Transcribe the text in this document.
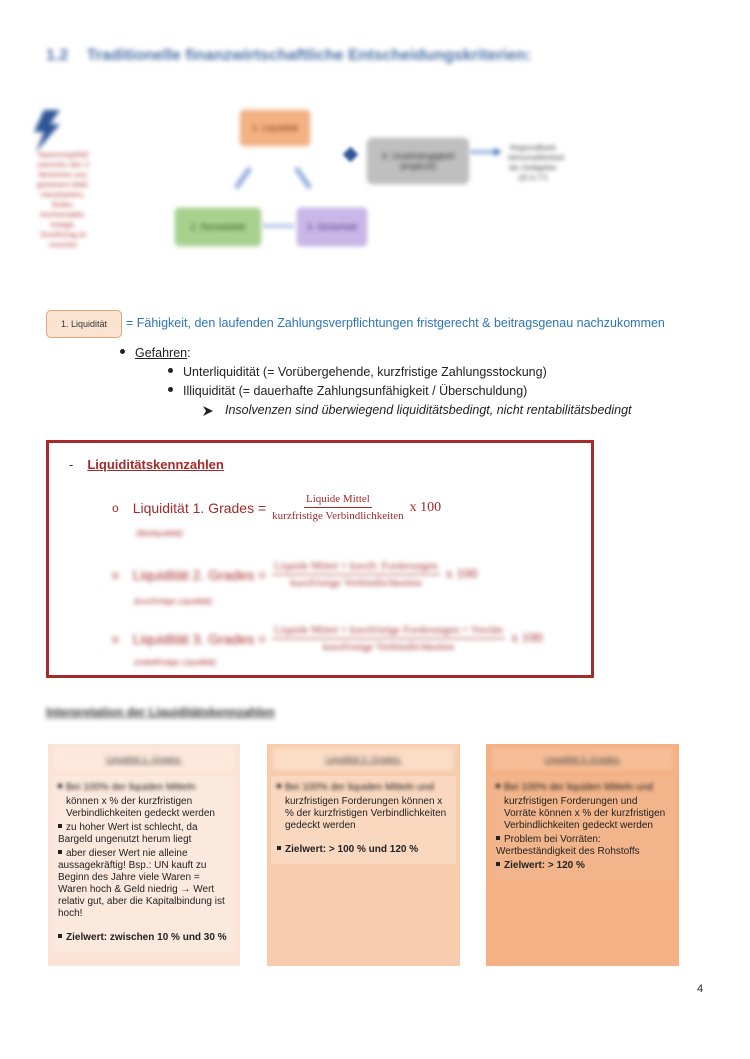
1.2 Traditionelle finanzwirtschaftliche Entscheidungskriterien:
Spannungsfeld zwischen den 3 Bereichen aus gewissem Maß: Hausbanken, Risiko, hochrentable, Anlage, Zins/Ertrag ist unsicher
1. Liquidität
2. Rentabilität	3. Sicherheit
4. Unabhängigkeit (ergänzt)
Regionalbank Wirtschaftlichkeit der Geldgeber (ID 6.77)
1. Liquidität	= Fähigkeit, den laufenden Zahlungsverpflichtungen fristgerecht & beitragsgenau nachzukommen
Gefahren:
Unterliquidität (= Vorübergehende, kurzfristige Zahlungsstockung)
Illiquidität (= dauerhafte Zahlungsunfähigkeit / Überschuldung)
Insolvenzen sind überwiegend liquiditätsbedingt, nicht rentabilitätsbedingt
- Liquiditätskennzahlen
o Liquidität 1. Grades = $\frac{\text{Liquide Mittel}}{\text{kurzfristige Verbindlichkeiten}}$ x 100
(Barliquidität)
o Liquidität 2. Grades = $\frac{\text{Liquide Mittel + kurzfr. Forderungen}}{\text{kurzfristige Verbindlichkeiten}}$ x 100
(kurzfristige Liquidität)
o Liquidität 3. Grades = $\frac{\text{Liquide Mittel + kurzfristige Forderungen + Vorräte}}{\text{kurzfristige Verbindlichkeiten}}$ x 100
(mittelfristige Liquidität)
Interpretation der Liquiditätskennzahlen
Liquidität 1. Grades:

Bei 100% der liquiden Mitteln

können x % der kurzfristigen Verbindlichkeiten gedeckt werden

zu hoher Wert ist schlecht, da Bargeld ungenutzt herum liegt

aber dieser Wert nie alleine aussagekräftig! Bsp.: UN kauft zu Beginn des Jahre viele Waren = Waren hoch & Geld niedrig → Wert relativ gut, aber die Kapitalbindung ist hoch!

Zielwert: zwischen 10 % und 30 %

Liquidität 2. Grades:

Bei 100% der liquiden Mitteln und

kurzfristigen Forderungen können x % der kurzfristigen Verbindlichkeiten gedeckt werden

Zielwert: > 100 % und 120 %

Liquidität 3. Grades:

Bei 100% der liquiden Mitteln und

kurzfristigen Forderungen und Vorräte können x % der kurzfristigen Verbindlichkeiten gedeckt werden

Problem bei Vorräten: Wertbeständigkeit des Rohstoffs

Zielwert: > 120 %

4
